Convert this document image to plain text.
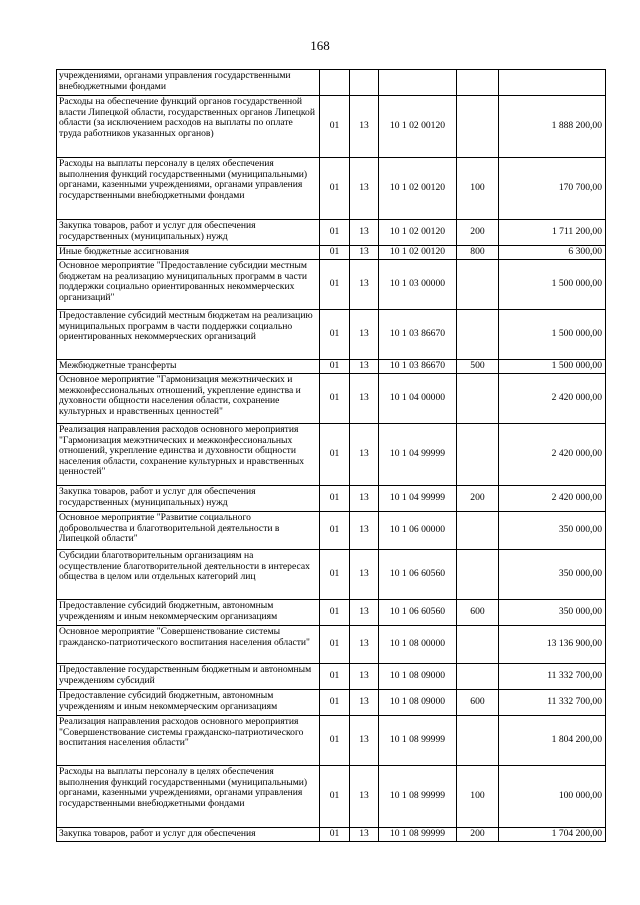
168
учреждениями, органами управления государственными внебюджетными фондами					
Расходы на обеспечение функций органов государственной власти Липецкой области, государственных органов Липецкой области (за исключением расходов на выплаты по оплате труда работников указанных органов)	01	13	10 1 02 00120		1 888 200,00
Расходы на выплаты персоналу в целях обеспечения выполнения функций государственными (муниципальными) органами, казенными учреждениями, органами управления государственными внебюджетными фондами	01	13	10 1 02 00120	100	170 700,00
Закупка товаров, работ и услуг для обеспечения государственных (муниципальных) нужд	01	13	10 1 02 00120	200	1 711 200,00
Иные бюджетные ассигнования	01	13	10 1 02 00120	800	6 300,00
Основное мероприятие "Предоставление субсидии местным бюджетам на реализацию муниципальных программ в части поддержки социально ориентированных некоммерческих организаций"	01	13	10 1 03 00000		1 500 000,00
Предоставление субсидий местным бюджетам на реализацию муниципальных программ в части поддержки социально ориентированных некоммерческих организаций	01	13	10 1 03 86670		1 500 000,00
Межбюджетные трансферты	01	13	10 1 03 86670	500	1 500 000,00
Основное мероприятие "Гармонизация межэтнических и межконфессиональных отношений, укрепление единства и духовности общности населения области, сохранение культурных и нравственных ценностей"	01	13	10 1 04 00000		2 420 000,00
Реализация направления расходов основного мероприятия "Гармонизация межэтнических и межконфессиональных отношений, укрепление единства и духовности общности населения области, сохранение культурных и нравственных ценностей"	01	13	10 1 04 99999		2 420 000,00
Закупка товаров, работ и услуг для обеспечения государственных (муниципальных) нужд	01	13	10 1 04 99999	200	2 420 000,00
Основное мероприятие "Развитие социального добровольчества и благотворительной деятельности в Липецкой области"	01	13	10 1 06 00000		350 000,00
Субсидии благотворительным организациям на осуществление благотворительной деятельности в интересах общества в целом или отдельных категорий лиц	01	13	10 1 06 60560		350 000,00
Предоставление субсидий бюджетным, автономным учреждениям и иным некоммерческим организациям	01	13	10 1 06 60560	600	350 000,00
Основное мероприятие "Совершенствование системы гражданско-патриотического воспитания населения области"	01	13	10 1 08 00000		13 136 900,00
Предоставление государственным бюджетным и автономным учреждениям субсидий	01	13	10 1 08 09000		11 332 700,00
Предоставление субсидий бюджетным, автономным учреждениям и иным некоммерческим организациям	01	13	10 1 08 09000	600	11 332 700,00
Реализация направления расходов основного мероприятия "Совершенствование системы гражданско-патриотического воспитания населения области"	01	13	10 1 08 99999		1 804 200,00
Расходы на выплаты персоналу в целях обеспечения выполнения функций государственными (муниципальными) органами, казенными учреждениями, органами управления государственными внебюджетными фондами	01	13	10 1 08 99999	100	100 000,00
Закупка товаров, работ и услуг для обеспечения	01	13	10 1 08 99999	200	1 704 200,00
